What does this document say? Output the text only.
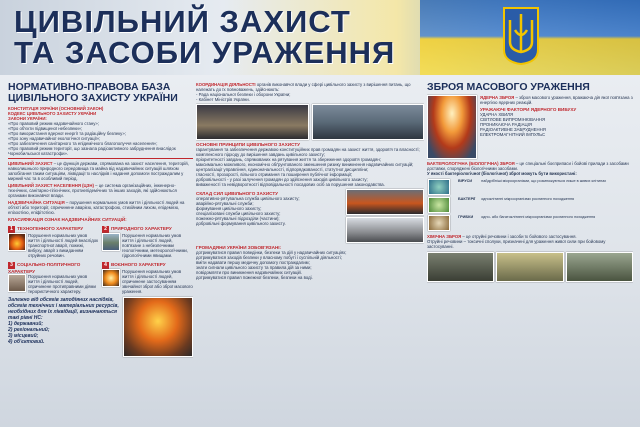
ЦИВІЛЬНИЙ ЗАХИСТ
ТА ЗАСОБИ УРАЖЕННЯ
НОРМАТИВНО-ПРАВОВА БАЗА ЦИВІЛЬНОГО ЗАХИСТУ УКРАЇНИ
КОНСТИТУЦІЯ УКРАЇНИ (ОСНОВНИЙ ЗАКОН)
КОДЕКС ЦИВІЛЬНОГО ЗАХИСТУ УКРАЇНИ
ЗАКОНИ УКРАЇНИ:
«Про правовий режим надзвичайного стану»;
«Про об'єкти підвищеної небезпеки»;
«Про використання ядерної енергії та радіаційну безпеку»;
«Про зону надзвичайної екологічної ситуації»;
«Про забезпечення санітарного та епідемічного благополуччя населення»;
«Про правовий режим території, що зазнала радіоактивного забруднення внаслідок Чорнобильської катастрофи».
ЦИВІЛЬНИЙ ЗАХИСТ – це функція держави, спрямована на захист населення, територій, навколишнього природного середовища та майна від надзвичайних ситуацій шляхом запобігання таким ситуаціям, ліквідації їх наслідків і надання допомоги постраждалим у мирний час та в особливий період.
ЦИВІЛЬНИЙ ЗАХИСТ НАСЕЛЕННЯ (ЦЗН) – це система організаційних, інженерно-технічних, санітарно-гігієнічних, протиепідемічних та інших заходів, які здійснюються органами виконавчої влади.
НАДЗВИЧАЙНА СИТУАЦІЯ – порушення нормальних умов життя і діяльності людей на об'єкті або території, спричинене аварією, катастрофою, стихійним лихом, епідемією, епізоотією, епіфітотією.
КЛАСИФІКАЦІЯ ОЗНАК НАДЗВИЧАЙНИХ СИТУАЦІЙ:
1 ТЕХНОГЕННОГО ХАРАКТЕРУ
Порушення нормальних умов життя і діяльності людей внаслідок транспортної аварії, пожежі, вибуху, аварії з викиданням отруйних речовин.
2 ПРИРОДНОГО ХАРАКТЕРУ
Порушення нормальних умов життя і діяльності людей, пов'язане з небезпечними геологічними, метеорологічними, гідрологічними явищами.
3 СОЦІАЛЬНО-ПОЛІТИЧНОГО ХАРАКТЕРУ
Порушення нормальних умов життя і діяльності людей, спричинене протиправними діями терористичного характеру.
4 ВОЄННОГО ХАРАКТЕРУ
Порушення нормальних умов життя і діяльності людей, спричинене застосуванням звичайної зброї або зброї масового ураження.
Залежно від обсягів заподіяних наслідків, обсягів технічних і матеріальних ресурсів, необхідних для їх ліквідації, визначаються такі рівні НС:
1) державний;
2) регіональний;
3) місцевий;
4) об'єктовий.
КООРДИНАЦІЯ ДІЯЛЬНОСТІ органів виконавчої влади у сфері цивільного захисту з вирішення питань, що належать до їх повноважень, здійснюють:
- Рада національної безпеки і оборони України;
- Кабінет Міністрів України.
ОСНОВНІ ПРИНЦИПИ ЦИВІЛЬНОГО ЗАХИСТУ
гарантування та забезпечення державою конституційних прав громадян на захист життя, здоров'я та власності;
комплексного підходу до вирішення завдань цивільного захисту;
пріоритетності завдань, спрямованих на рятування життя та збереження здоров'я громадян;
максимально можливого, економічно обґрунтованого зменшення ризику виникнення надзвичайних ситуацій;
централізації управління, єдиноначальності, підпорядкованості, статутної дисципліни;
гласності, прозорості, вільного отримання та поширення публічної інформації;
добровільності - у разі залучення громадян до здійснення заходів цивільного захисту;
виваженості та невідворотності відповідальності посадових осіб за порушення законодавства.
СКЛАД СИЛ ЦИВІЛЬНОГО ЗАХИСТУ
оперативно-рятувальна служба цивільного захисту;
аварійно-рятувальні служби;
формування цивільного захисту;
спеціалізовані служби цивільного захисту;
пожежно-рятувальні підрозділи (частини);
добровільні формування цивільного захисту.
ГРОМАДЯНИ УКРАЇНИ ЗОБОВ'ЯЗАНІ:
дотримуватися правил поведінки, безпеки та дій у надзвичайних ситуаціях;
дотримуватися заходів безпеки у власному побуті і суспільній діяльності;
вміти надавати першу медичну допомогу постраждалим;
знати сигнали цивільного захисту та правила дій за ними;
повідомляти про виникнення надзвичайних ситуацій.
дотримуватися правил пожежної безпеки, безпеки на воді.
ЗБРОЯ МАСОВОГО УРАЖЕННЯ
ЯДЕРНА ЗБРОЯ – зброя масового ураження, вражаюча дія якої пов'язана з енергією ядерних реакцій.
УРАЖАЮЧІ ФАКТОРИ ЯДЕРНОГО ВИБУХУ
УДАРНА ХВИЛЯ
СВІТЛОВЕ ВИПРОМІНЮВАННЯ
ПРОНИКАЮЧА РАДІАЦІЯ
РАДІОАКТИВНЕ ЗАБРУДНЕННЯ
ЕЛЕКТРОМАГНІТНИЙ ІМПУЛЬС
БАКТЕРІОЛОГІЧНА (БІОЛОГІЧНА) ЗБРОЯ – це спеціальні боєприпаси і бойові прилади з засобами доставки, споряджені біологічними засобами.
У якості бактеріологічної (біологічної) зброї можуть бути використані:
	ВІРУСИ	найдрібніші мікроорганізми, що розмножуються лише в живих клітинах

	БАКТЕРІЇ	одноклітинні мікроорганізми рослинного походження

	ГРИБКИ	одно- або багатоклітинні мікроорганізми рослинного походження
ХІМІЧНА ЗБРОЯ – це отруйні речовини і засоби їх бойового застосування.
Отруйні речовини – токсичні сполуки, призначені для ураження живої сили при бойовому застосуванні.
